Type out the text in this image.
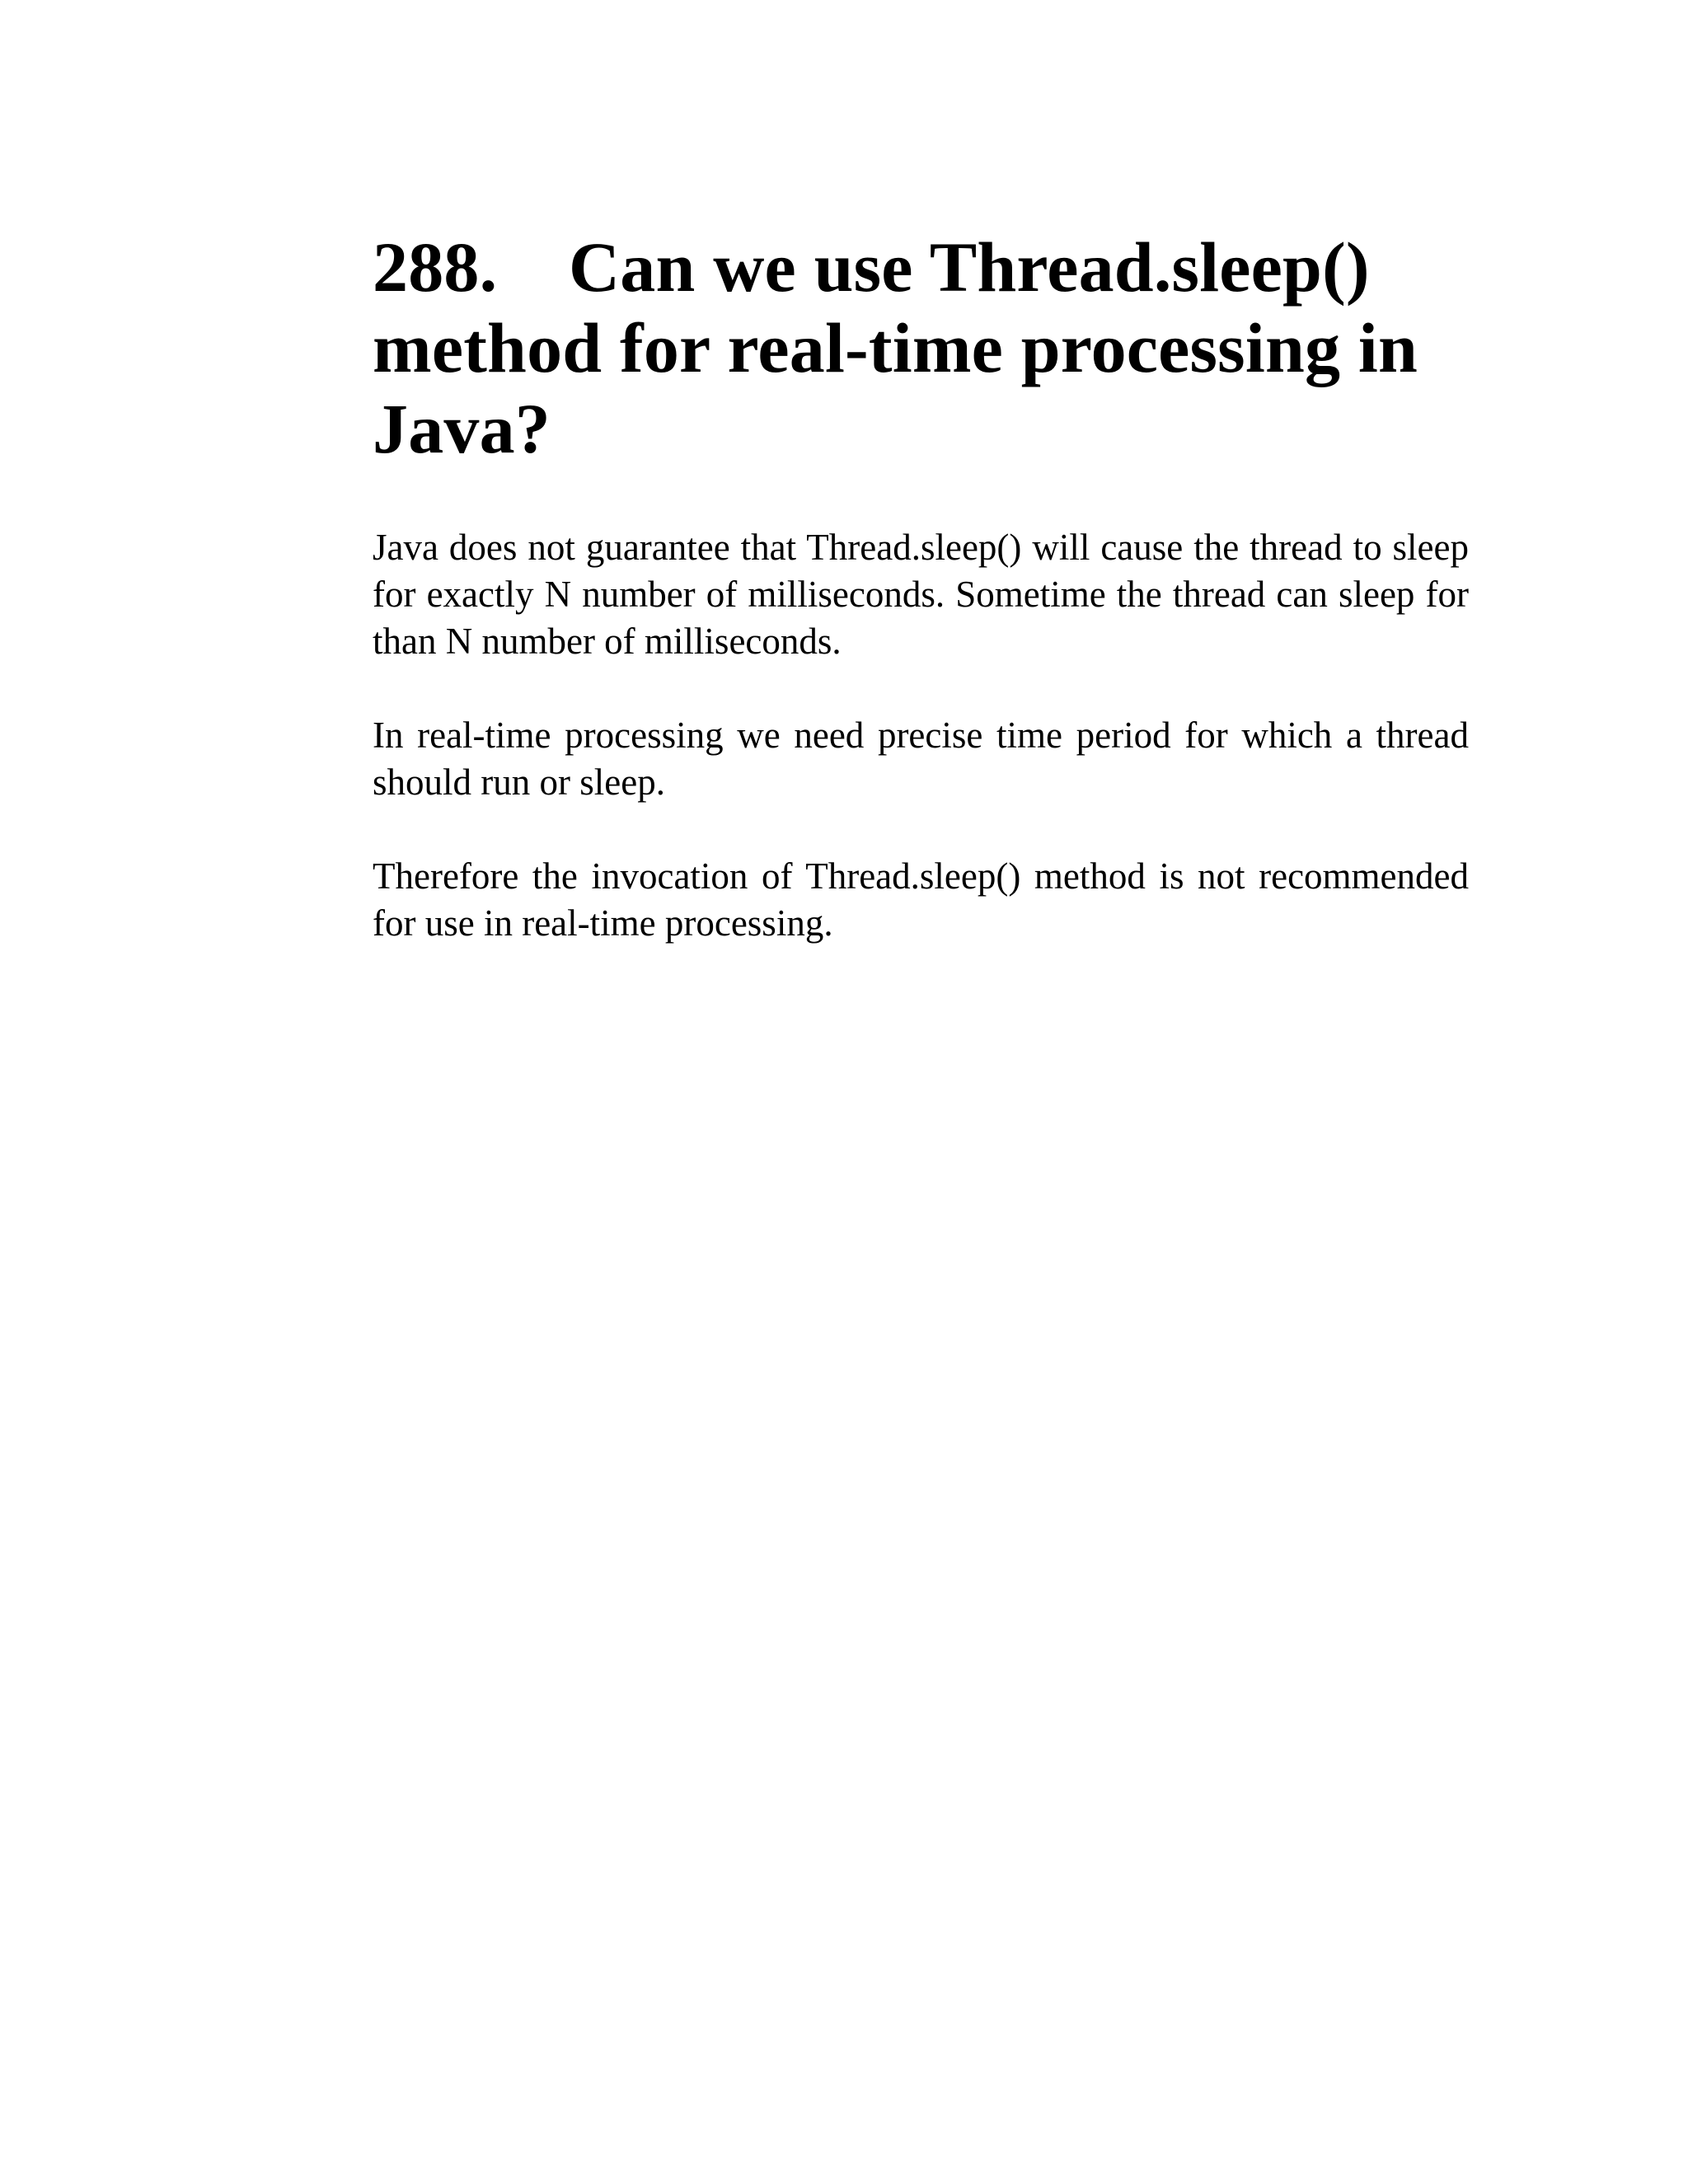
288. Can we use Thread.sleep() method for real-time processing in Java?

Java does not guarantee that Thread.sleep() will cause the thread to sleep for exactly N number of milliseconds. Sometime the thread can sleep for than N number of milliseconds.

In real-time processing we need precise time period for which a thread should run or sleep.

Therefore the invocation of Thread.sleep() method is not recommended for use in real-time processing.
